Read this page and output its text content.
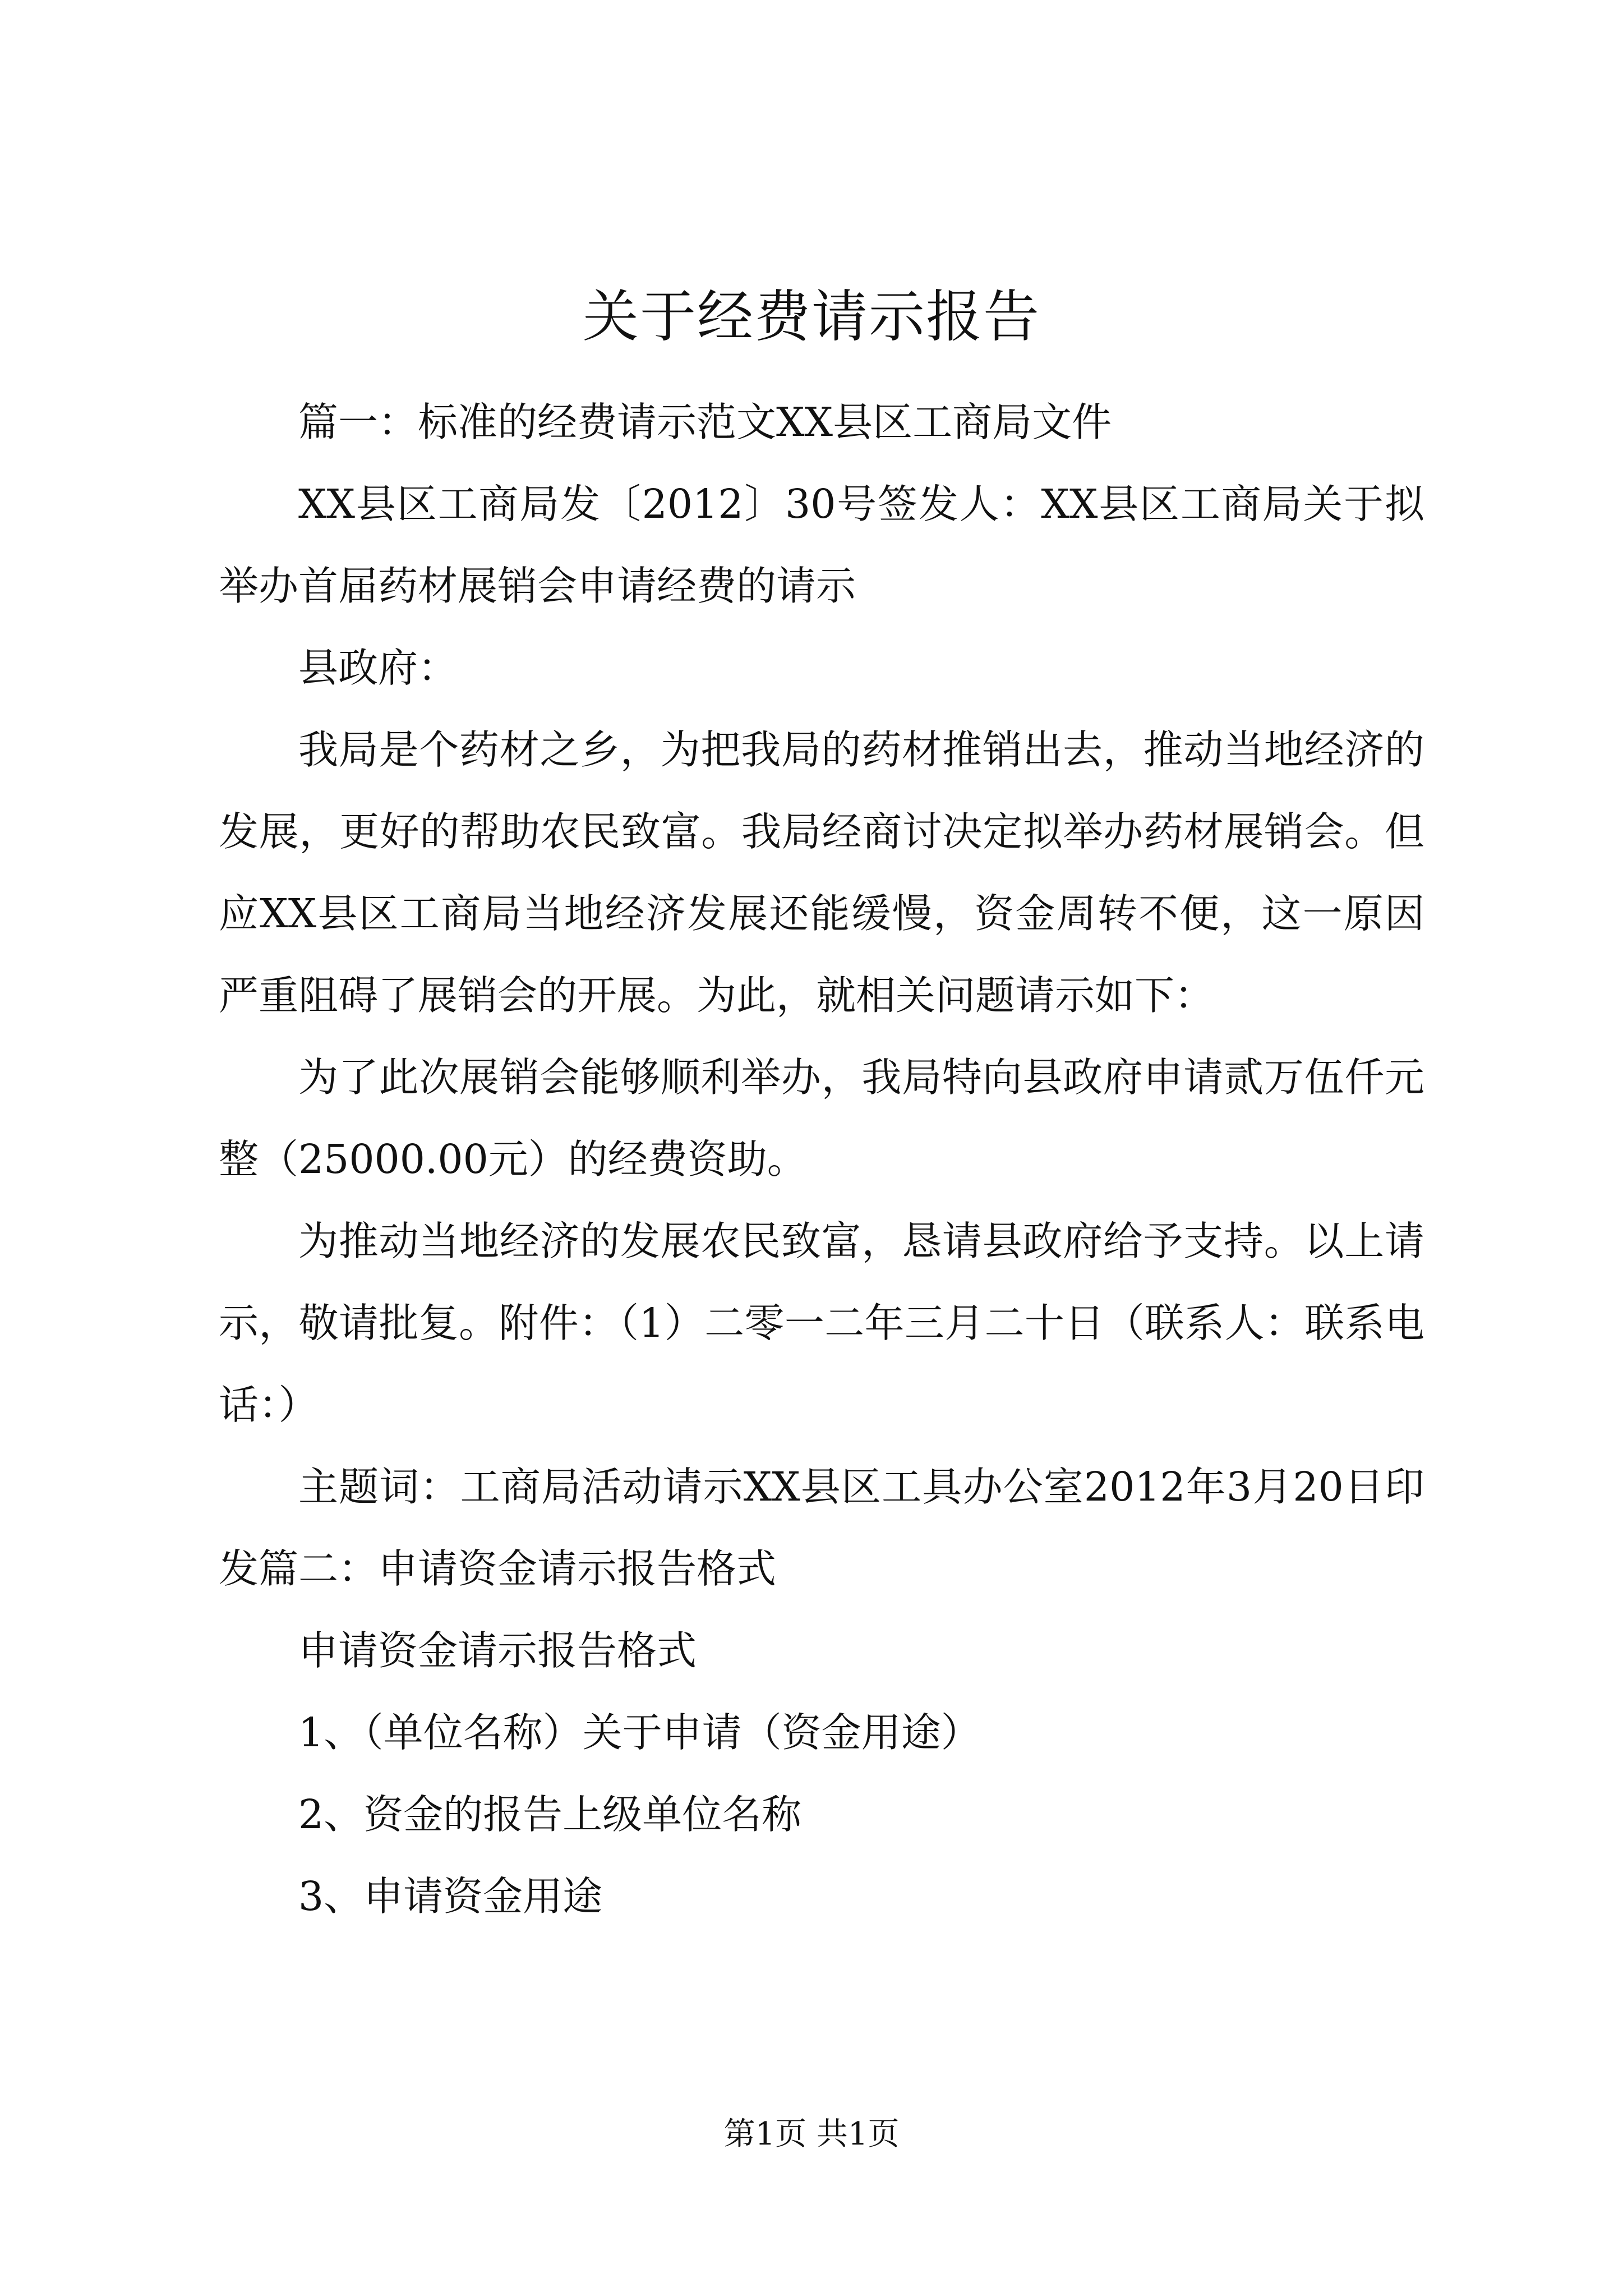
关于经费请示报告

篇一：标准的经费请示范文XX县区工商局文件

XX县区工商局发〔2012〕30号签发人：XX县区工商局关于拟举办首届药材展销会申请经费的请示

县政府：

我局是个药材之乡，为把我局的药材推销出去，推动当地经济的发展，更好的帮助农民致富。我局经商讨决定拟举办药材展销会。但应XX县区工商局当地经济发展还能缓慢，资金周转不便，这一原因严重阻碍了展销会的开展。为此，就相关问题请示如下：

为了此次展销会能够顺利举办，我局特向县政府申请贰万伍仟元整（25000.00元）的经费资助。

为推动当地经济的发展农民致富，恳请县政府给予支持。以上请示，敬请批复。附件：（1）二零一二年三月二十日（联系人：联系电话：）

主题词：工商局活动请示XX县区工具办公室2012年3月20日印发篇二：申请资金请示报告格式

申请资金请示报告格式

1、（单位名称）关于申请（资金用途）

2、资金的报告上级单位名称

3、申请资金用途

第1页 共1页
